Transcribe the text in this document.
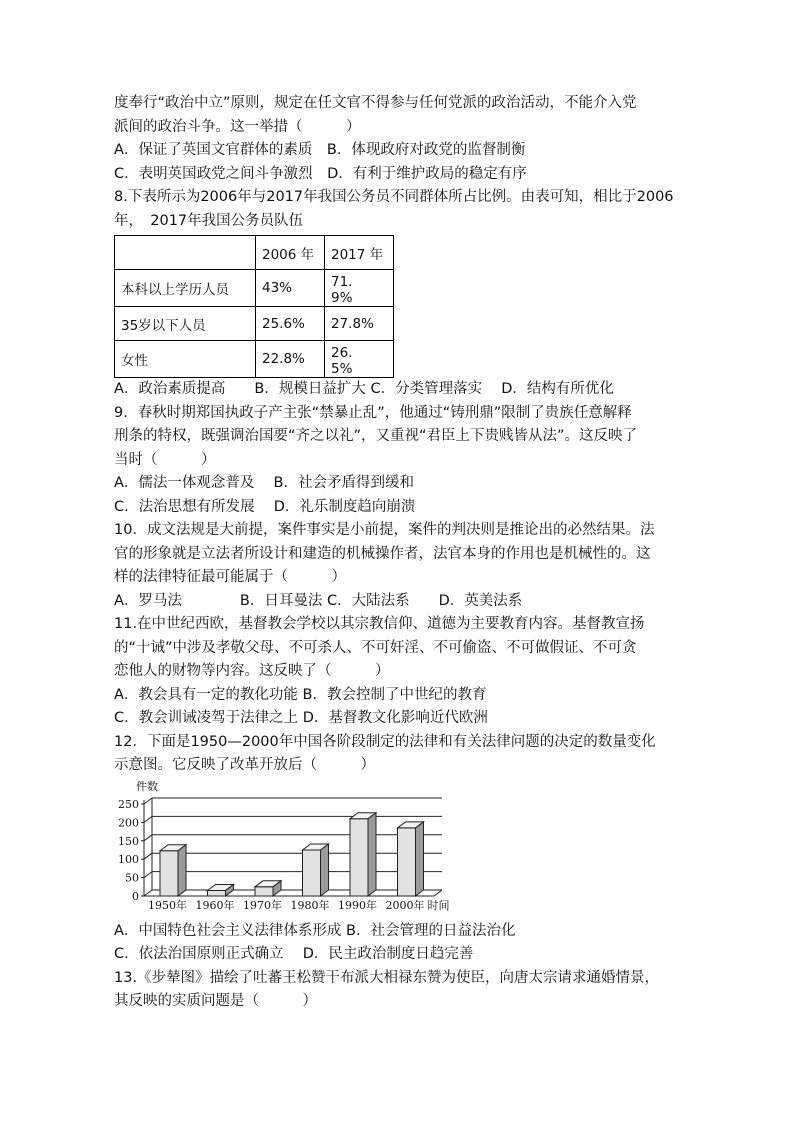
度奉行“政治中立”原则，规定在任文官不得参与任何党派的政治活动，不能介入党
派间的政治斗争。这一举措（　　　）
A．保证了英国文官群体的素质　B．体现政府对政党的监督制衡
C．表明英国政党之间斗争激烈　D．有利于维护政局的稳定有序
8.下表所示为2006年与2017年我国公务员不同群体所占比例。由表可知，相比于2006
年，　2017年我国公务员队伍
	2006 年	2017 年
本科以上学历人员	43%	71.　9%
35岁以下人员	25.6%	27.8%
女性	22.8%	26.　5%
A．政治素质提高　　B．规模日益扩大 C．分类管理落实　 D．结构有所优化
9．春秋时期郑国执政子产主张“禁暴止乱”，他通过“铸刑鼎”限制了贵族任意解释
刑条的特权，既强调治国要“齐之以礼”，又重视“君臣上下贵贱皆从法”。这反映了
当时（　　　）
A．儒法一体观念普及　 B．社会矛盾得到缓和
C．法治思想有所发展　 D．礼乐制度趋向崩溃
10．成文法规是大前提，案件事实是小前提，案件的判决则是推论出的必然结果。法
官的形象就是立法者所设计和建造的机械操作者，法官本身的作用也是机械性的。这
样的法律特征最可能属于（　　　）
A．罗马法　　　　B．日耳曼法 C．大陆法系　　D．英美法系
11.在中世纪西欧，基督教会学校以其宗教信仰、道德为主要教育内容。基督教宣扬
的“十诫”中涉及孝敬父母、不可杀人、不可奸淫、不可偷盗、不可做假证、不可贪
恋他人的财物等内容。这反映了（　　　）
A．教会具有一定的教化功能 B．教会控制了中世纪的教育
C．教会训诫凌驾于法律之上 D．基督教文化影响近代欧洲
12．下面是1950—2000年中国各阶段制定的法律和有关法律问题的决定的数量变化
示意图。它反映了改革开放后（　　　）
0
50
100
150
200
250
件数
1950年 1960年 1970年 1980年 1990年 2000年 时间
A．中国特色社会主义法律体系形成 B．社会管理的日益法治化
C．依法治国原则正式确立　 D．民主政治制度日趋完善
13.《步辇图》描绘了吐蕃王松赞干布派大相禄东赞为使臣，向唐太宗请求通婚情景，
其反映的实质问题是（　　　）
